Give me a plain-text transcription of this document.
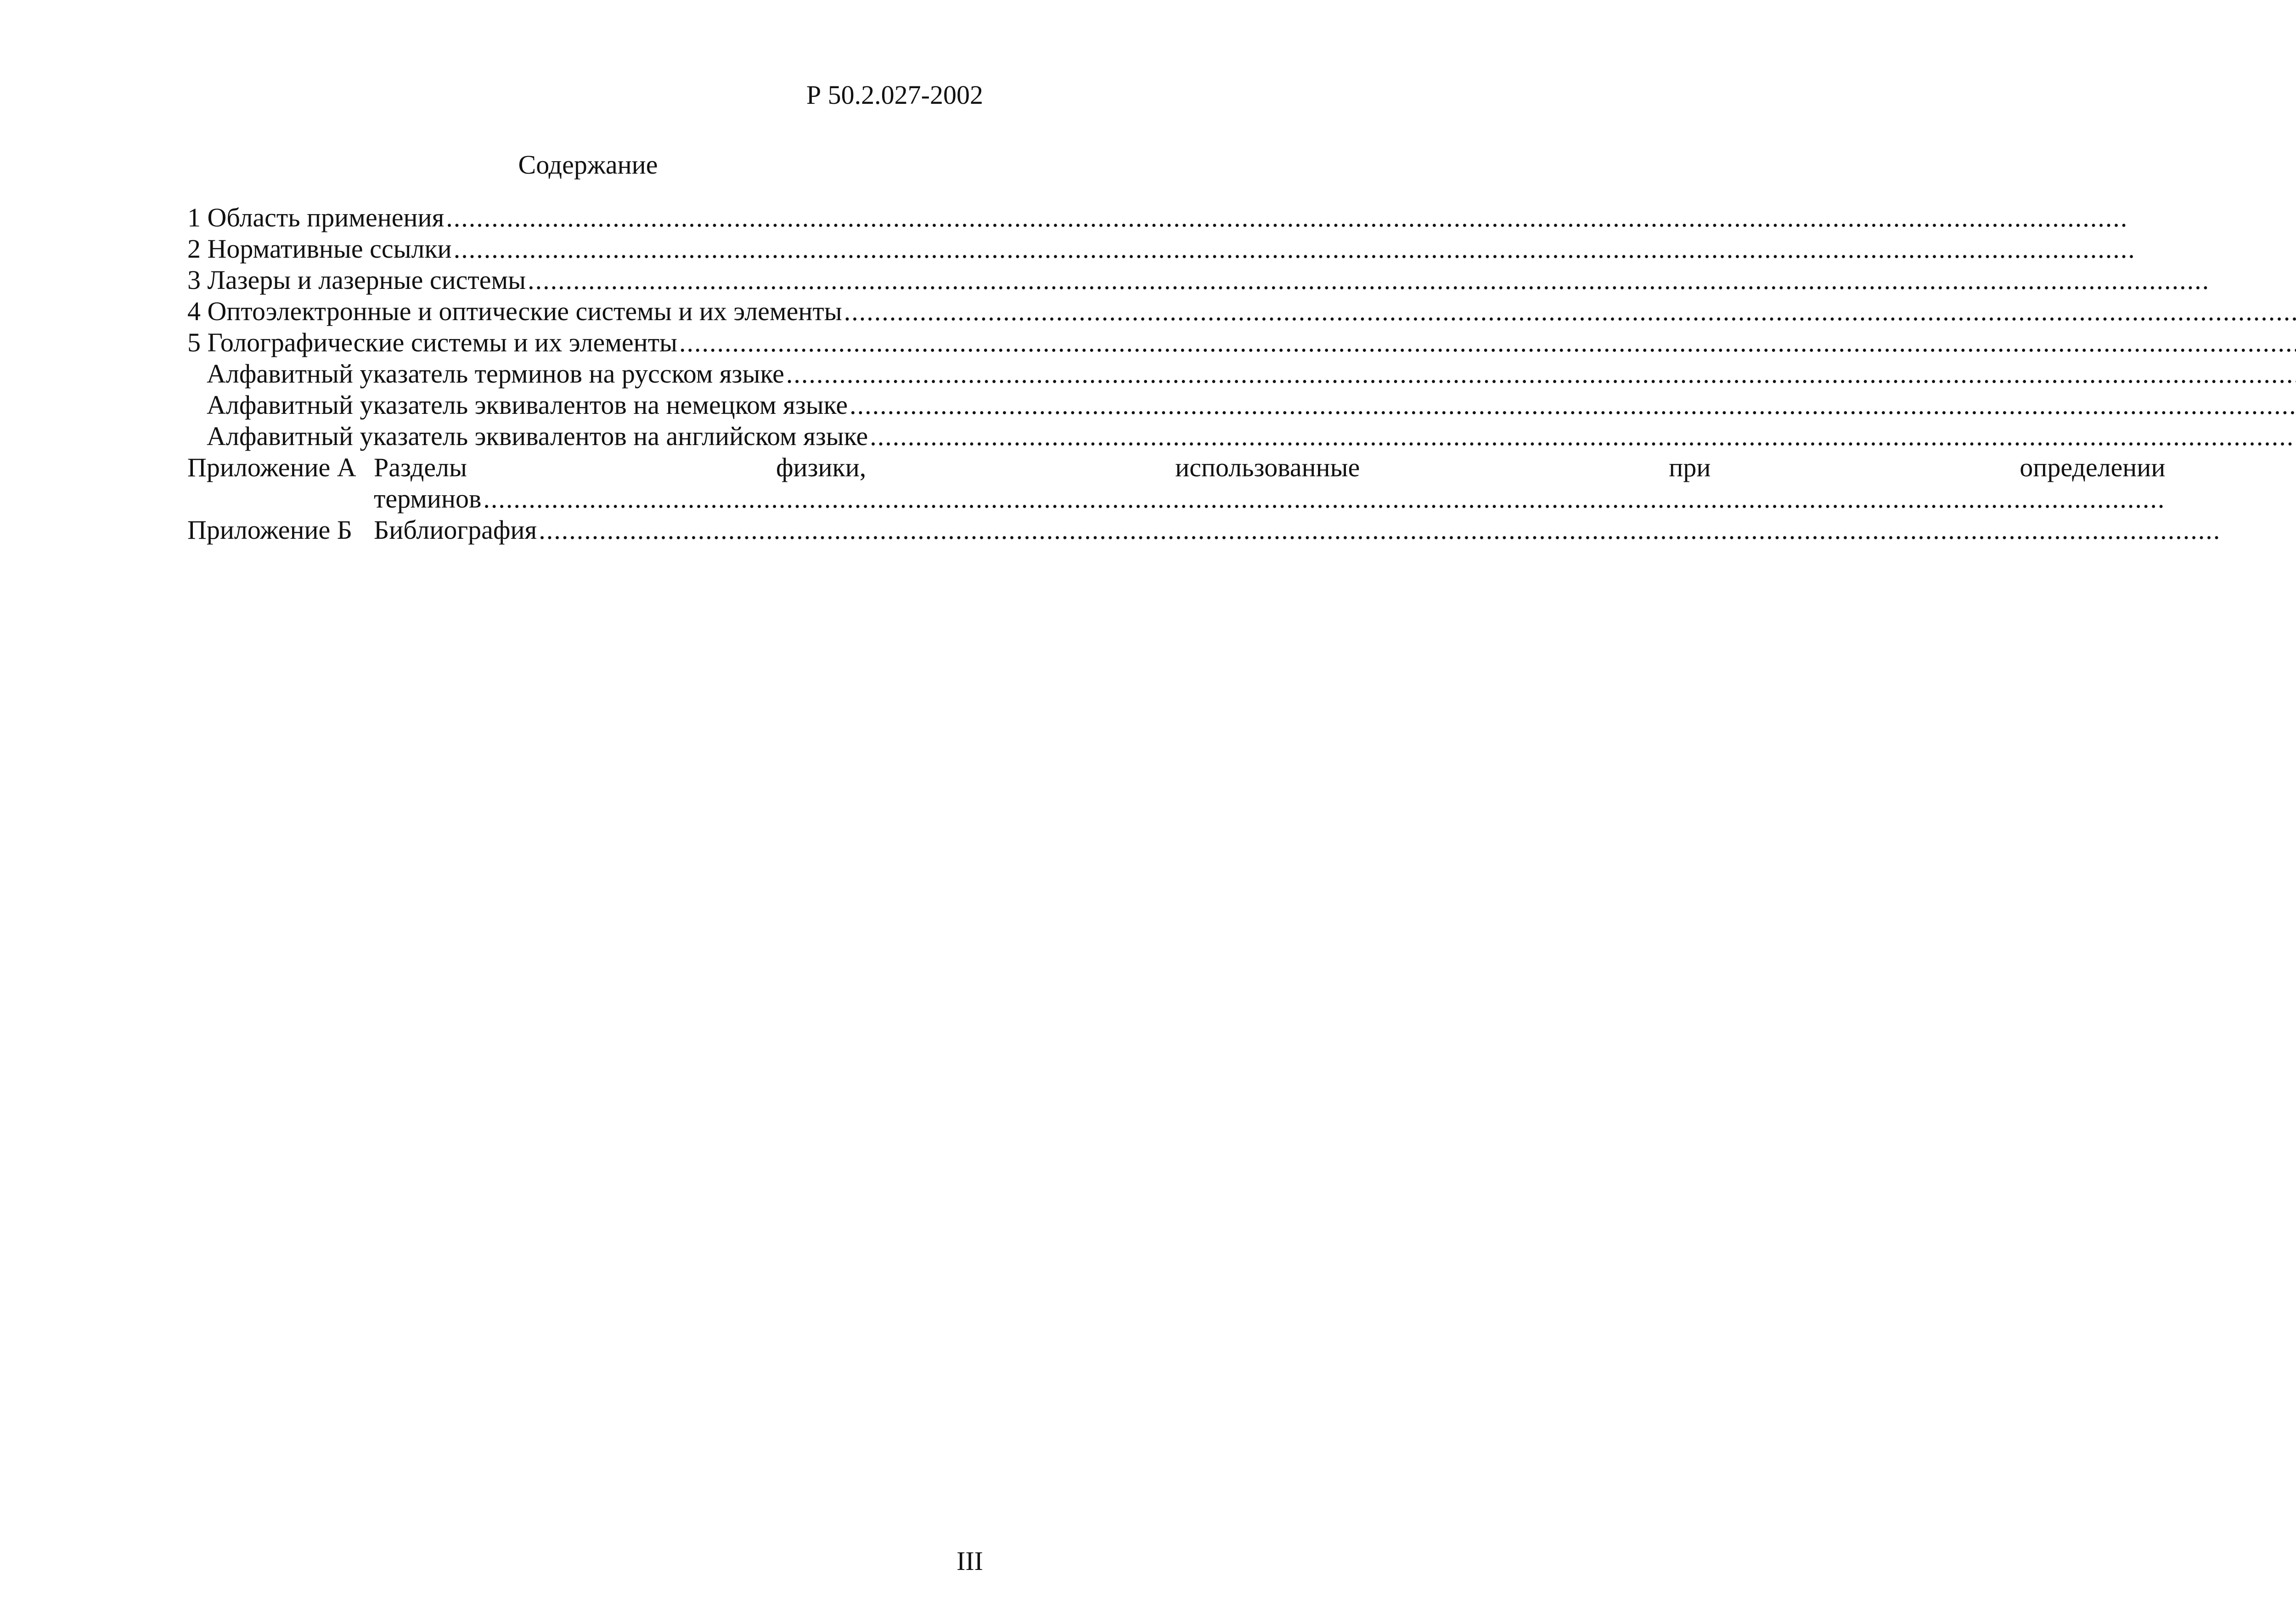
Р 50.2.027-2002
Содержание
1 Область применения
.....
2 Нормативные ссылки
.....
3 Лазеры и лазерные системы
.....
4 Оптоэлектронные и оптические системы и их элементы
.....
5 Голографические системы и их элементы
.....
Алфавитный указатель терминов на русском языке
.....
Алфавитный указатель эквивалентов на немецком языке
.....
Алфавитный указатель эквивалентов на английском языке
.....
Приложение А Разделы физики, использованные при определении
терминов
.....
Приложение Б Библиография
.....
III
